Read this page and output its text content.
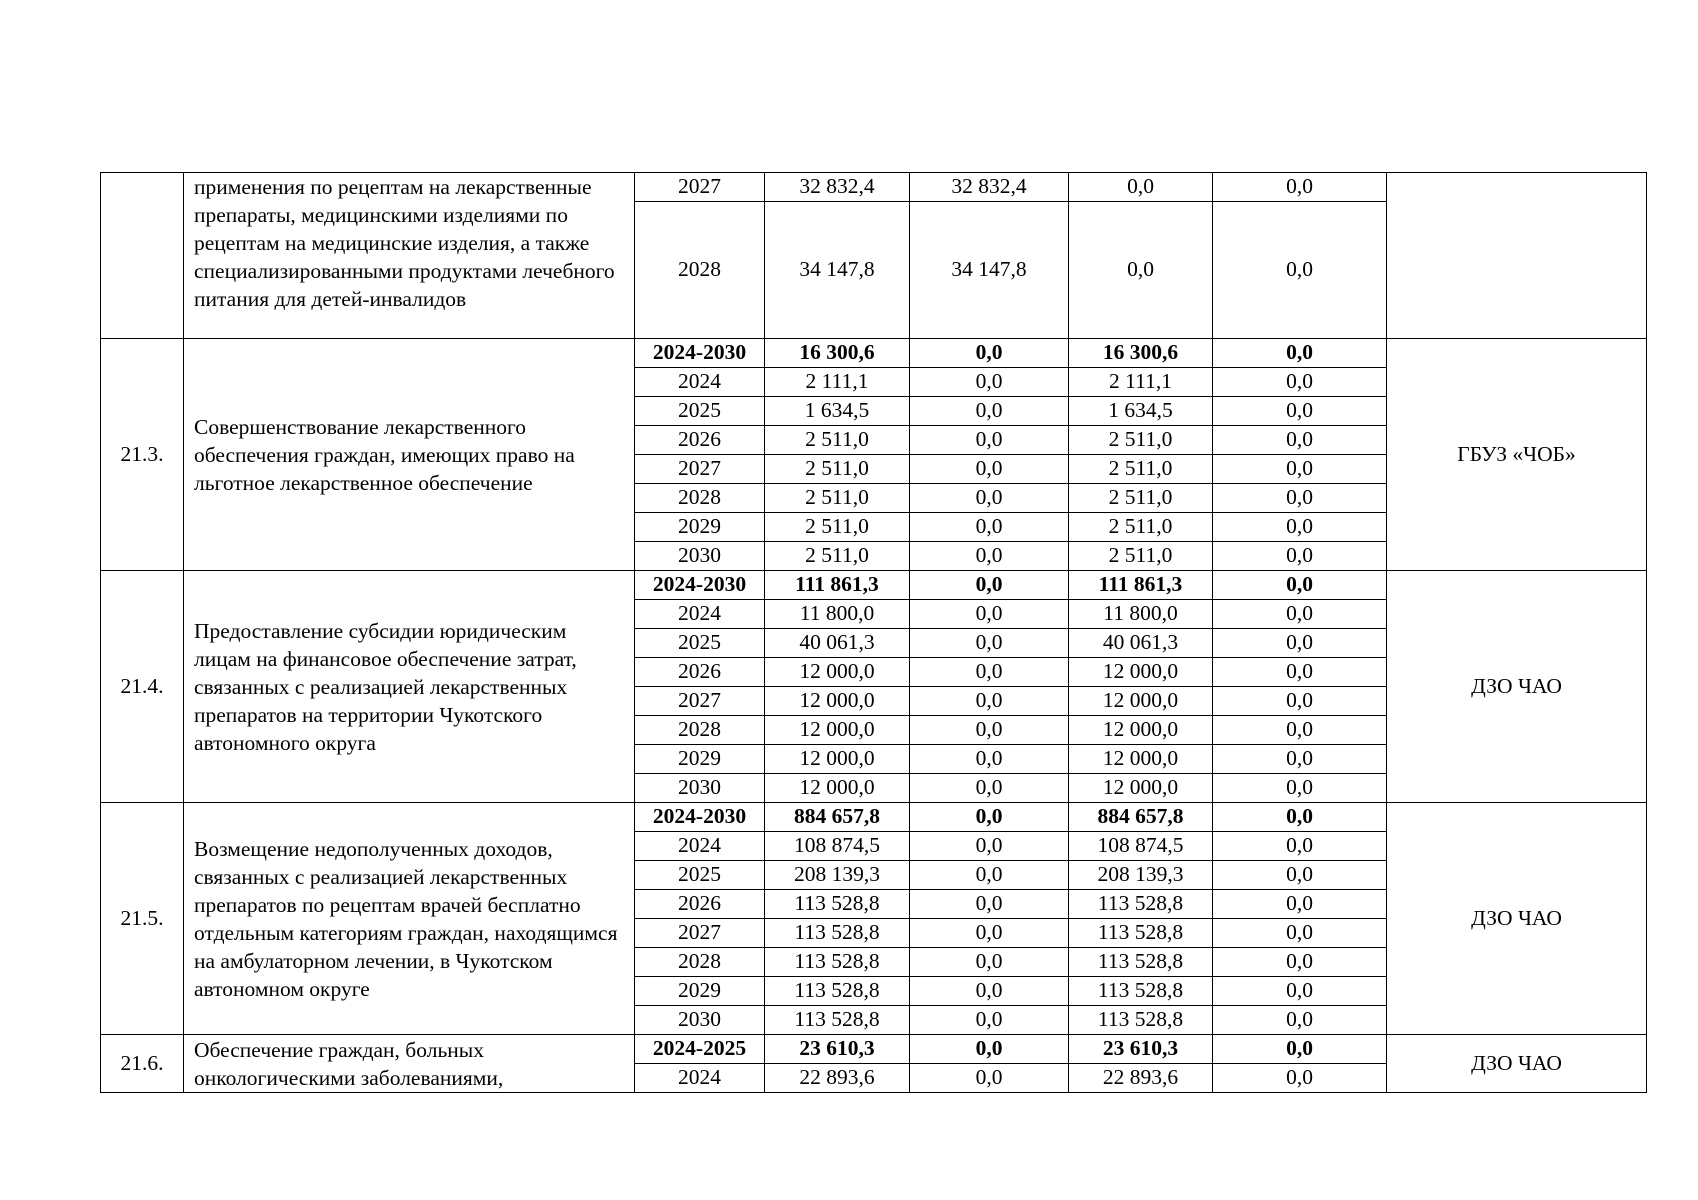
	применения по рецептам на лекарственные препараты, медицинскими изделиями по рецептам на медицинские изделия, а также специализированными продуктами лечебного питания для детей-инвалидов	2027	32 832,4	32 832,4	0,0	0,0	
		2028	34 147,8	34 147,8	0,0	0,0	
21.3.	Совершенствование лекарственного обеспечения граждан, имеющих право на льготное лекарственное обеспечение	2024-2030	16 300,6	0,0	16 300,6	0,0	ГБУЗ «ЧОБ»
		2024	2 111,1	0,0	2 111,1	0,0	
		2025	1 634,5	0,0	1 634,5	0,0	
		2026	2 511,0	0,0	2 511,0	0,0	
		2027	2 511,0	0,0	2 511,0	0,0	
		2028	2 511,0	0,0	2 511,0	0,0	
		2029	2 511,0	0,0	2 511,0	0,0	
		2030	2 511,0	0,0	2 511,0	0,0	
21.4.	Предоставление субсидии юридическим лицам на финансовое обеспечение затрат, связанных с реализацией лекарственных препаратов на территории Чукотского автономного округа	2024-2030	111 861,3	0,0	111 861,3	0,0	ДЗО ЧАО
		2024	11 800,0	0,0	11 800,0	0,0	
		2025	40 061,3	0,0	40 061,3	0,0	
		2026	12 000,0	0,0	12 000,0	0,0	
		2027	12 000,0	0,0	12 000,0	0,0	
		2028	12 000,0	0,0	12 000,0	0,0	
		2029	12 000,0	0,0	12 000,0	0,0	
		2030	12 000,0	0,0	12 000,0	0,0	
21.5.	Возмещение недополученных доходов, связанных с реализацией лекарственных препаратов по рецептам врачей бесплатно отдельным категориям граждан, находящимся на амбулаторном лечении, в Чукотском автономном округе	2024-2030	884 657,8	0,0	884 657,8	0,0	ДЗО ЧАО
		2024	108 874,5	0,0	108 874,5	0,0	
		2025	208 139,3	0,0	208 139,3	0,0	
		2026	113 528,8	0,0	113 528,8	0,0	
		2027	113 528,8	0,0	113 528,8	0,0	
		2028	113 528,8	0,0	113 528,8	0,0	
		2029	113 528,8	0,0	113 528,8	0,0	
		2030	113 528,8	0,0	113 528,8	0,0	
21.6.	Обеспечение граждан, больных онкологическими заболеваниями,	2024-2025	23 610,3	0,0	23 610,3	0,0	ДЗО ЧАО
		2024	22 893,6	0,0	22 893,6	0,0	
